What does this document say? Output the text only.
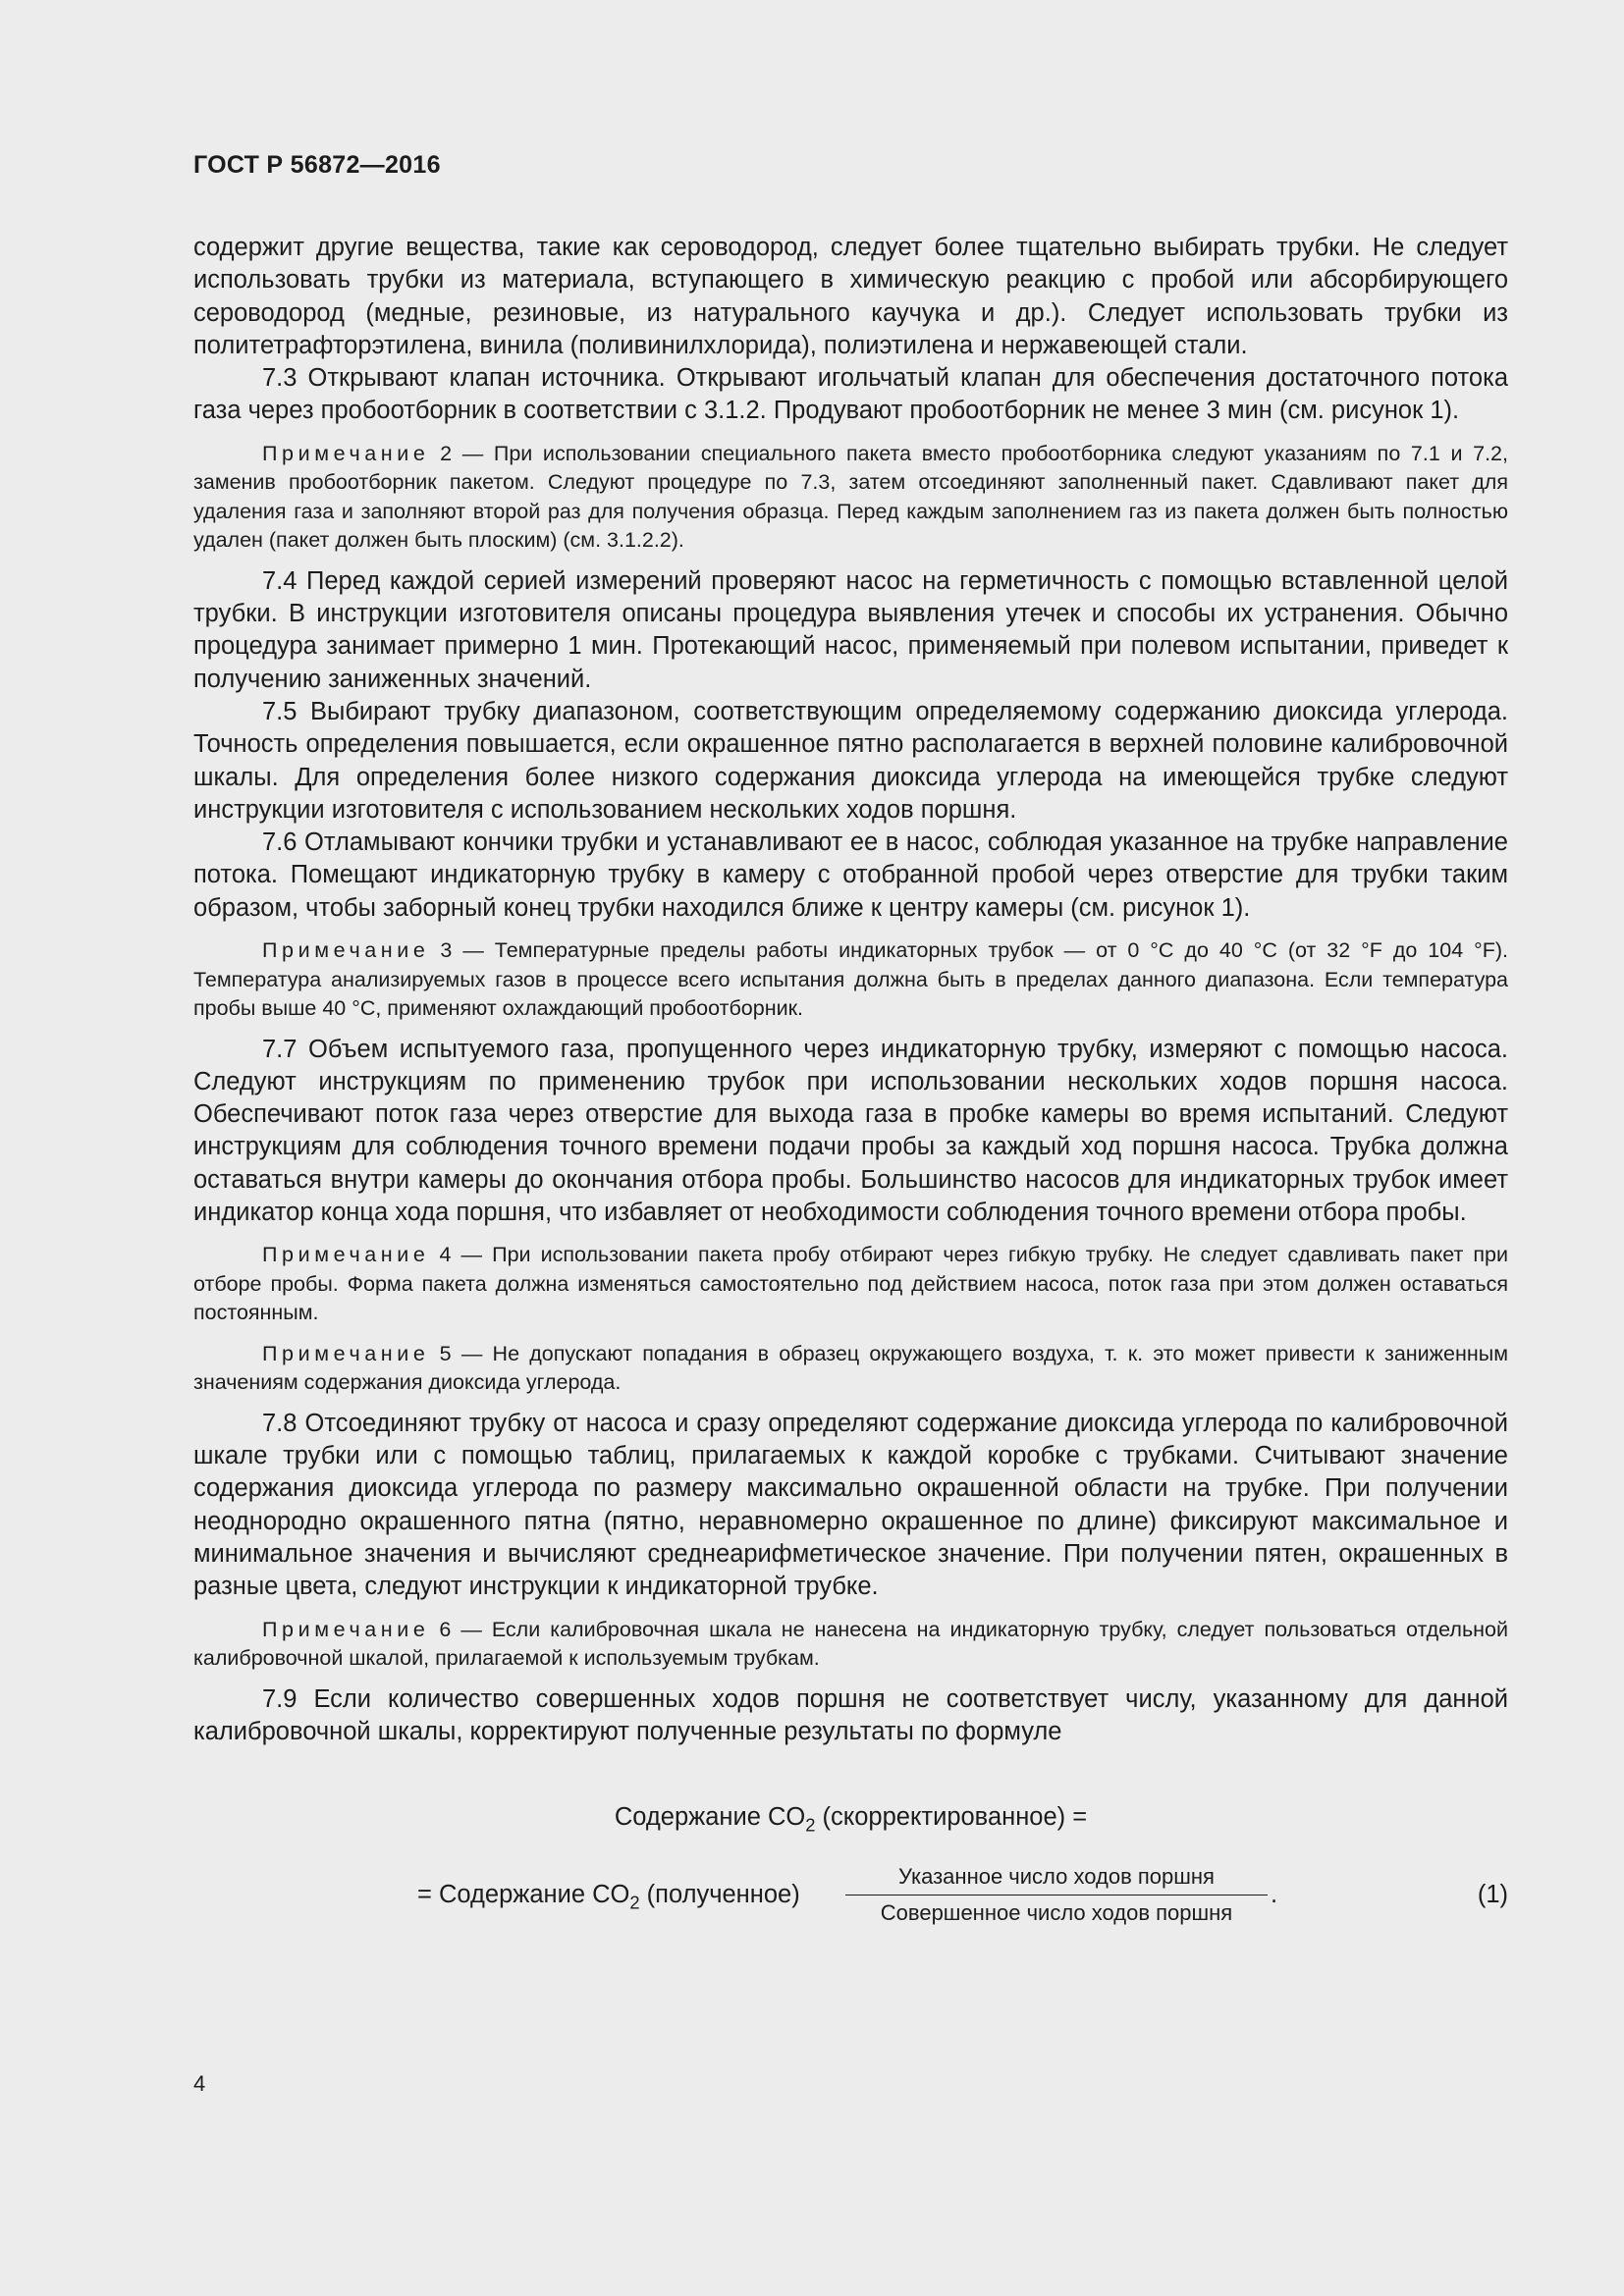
ГОСТ Р 56872—2016

содержит другие вещества, такие как сероводород, следует более тщательно выбирать трубки. Не следует использовать трубки из материала, вступающего в химическую реакцию с пробой или абсорбирующего сероводород (медные, резиновые, из натурального каучука и др.). Следует использовать трубки из политетрафторэтилена, винила (поливинилхлорида), полиэтилена и нержавеющей стали.

7.3 Открывают клапан источника. Открывают игольчатый клапан для обеспечения достаточного потока газа через пробоотборник в соответствии с 3.1.2. Продувают пробоотборник не менее 3 мин (см. рисунок 1).

Примечание 2 — При использовании специального пакета вместо пробоотборника следуют указаниям по 7.1 и 7.2, заменив пробоотборник пакетом. Следуют процедуре по 7.3, затем отсоединяют заполненный пакет. Сдавливают пакет для удаления газа и заполняют второй раз для получения образца. Перед каждым заполнением газ из пакета должен быть полностью удален (пакет должен быть плоским) (см. 3.1.2.2).

7.4 Перед каждой серией измерений проверяют насос на герметичность с помощью вставленной целой трубки. В инструкции изготовителя описаны процедура выявления утечек и способы их устранения. Обычно процедура занимает примерно 1 мин. Протекающий насос, применяемый при полевом испытании, приведет к получению заниженных значений.

7.5 Выбирают трубку диапазоном, соответствующим определяемому содержанию диоксида углерода. Точность определения повышается, если окрашенное пятно располагается в верхней половине калибровочной шкалы. Для определения более низкого содержания диоксида углерода на имеющейся трубке следуют инструкции изготовителя с использованием нескольких ходов поршня.

7.6 Отламывают кончики трубки и устанавливают ее в насос, соблюдая указанное на трубке направление потока. Помещают индикаторную трубку в камеру с отобранной пробой через отверстие для трубки таким образом, чтобы заборный конец трубки находился ближе к центру камеры (см. рисунок 1).

Примечание 3 — Температурные пределы работы индикаторных трубок — от 0 °С до 40 °С (от 32 °F до 104 °F). Температура анализируемых газов в процессе всего испытания должна быть в пределах данного диапазона. Если температура пробы выше 40 °С, применяют охлаждающий пробоотборник.

7.7 Объем испытуемого газа, пропущенного через индикаторную трубку, измеряют с помощью насоса. Следуют инструкциям по применению трубок при использовании нескольких ходов поршня насоса. Обеспечивают поток газа через отверстие для выхода газа в пробке камеры во время испытаний. Следуют инструкциям для соблюдения точного времени подачи пробы за каждый ход поршня насоса. Трубка должна оставаться внутри камеры до окончания отбора пробы. Большинство насосов для индикаторных трубок имеет индикатор конца хода поршня, что избавляет от необходимости соблюдения точного времени отбора пробы.

Примечание 4 — При использовании пакета пробу отбирают через гибкую трубку. Не следует сдавливать пакет при отборе пробы. Форма пакета должна изменяться самостоятельно под действием насоса, поток газа при этом должен оставаться постоянным.

Примечание 5 — Не допускают попадания в образец окружающего воздуха, т. к. это может привести к заниженным значениям содержания диоксида углерода.

7.8 Отсоединяют трубку от насоса и сразу определяют содержание диоксида углерода по калибровочной шкале трубки или с помощью таблиц, прилагаемых к каждой коробке с трубками. Считывают значение содержания диоксида углерода по размеру максимально окрашенной области на трубке. При получении неоднородно окрашенного пятна (пятно, неравномерно окрашенное по длине) фиксируют максимальное и минимальное значения и вычисляют среднеарифметическое значение. При получении пятен, окрашенных в разные цвета, следуют инструкции к индикаторной трубке.

Примечание 6 — Если калибровочная шкала не нанесена на индикаторную трубку, следует пользоваться отдельной калибровочной шкалой, прилагаемой к используемым трубкам.

7.9 Если количество совершенных ходов поршня не соответствует числу, указанному для данной калибровочной шкалы, корректируют полученные результаты по формуле

Содержание $CO_2$ (скорректированное) =
= Содержание $CO_2$ (полученное)
Указанное число ходов поршня
Совершенное число ходов поршня
.	(1)
4
